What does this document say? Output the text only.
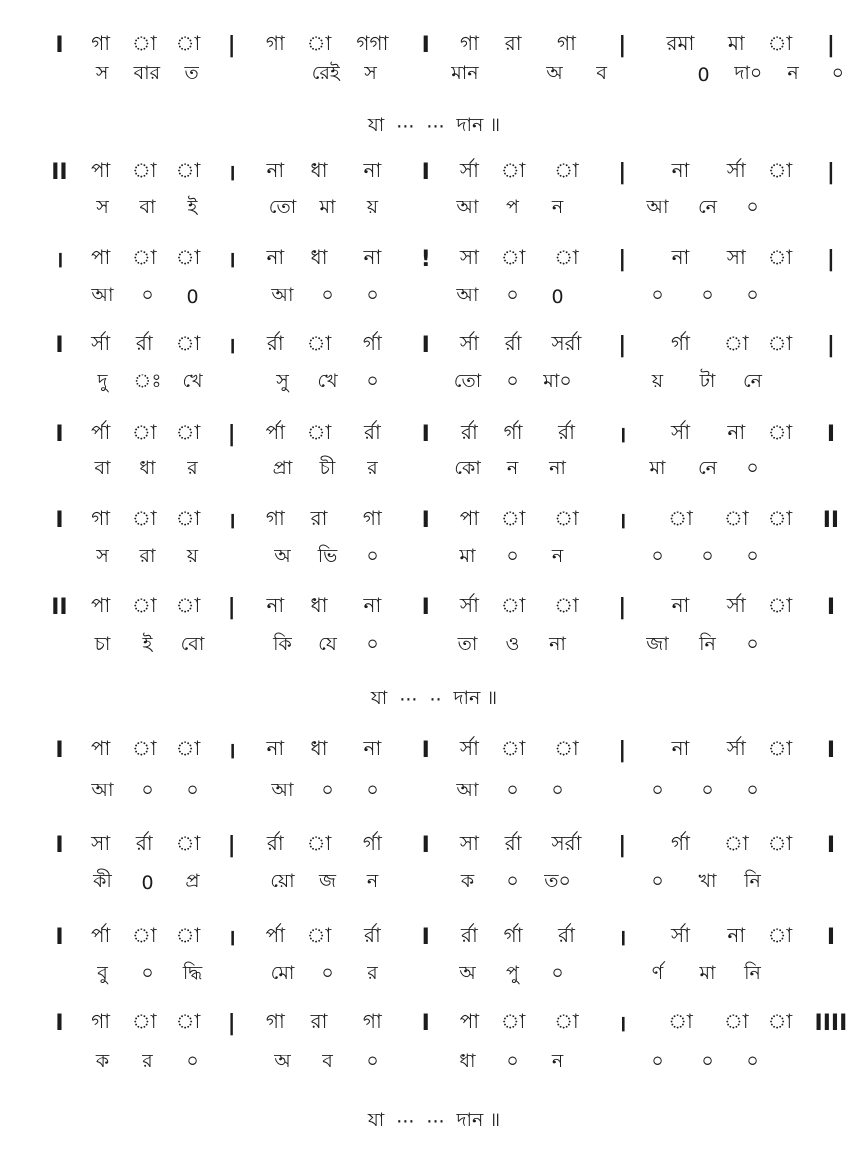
I	গা	া া	|	গা	া	গগা	I	গা	রা	গা	|	রমা	মা	া	|
স	বার	ত	রেই	স	মান	অ	ব	0	দা০	ন	০
II	পা	া া	।	না	ধা	না	I	র্সা	া	া	|	না	র্সা	া	|
স	বা	ই	তো	মা	য়	আ	প	ন	আ	নে	০
।	পা	া া	।	না	ধা	না	!	সা	া	া	|	না	সা	া	|
আ	০	0	আ	০	০	আ	০	0	০	০	০
I	র্সা	র্রা	া	।	র্রা	া	র্গা	I	র্সা	র্রা	সর্রা	|	র্গা	া া	|
দু	ঃ	খে	সু	খে	০	তো	০	মা০	য়	টা	নে
I	র্পা	া া	|	র্পা	া	র্রা	I	র্রা	র্গা	র্রা	।	র্সা	না	া	I
বা	ধা	র	প্রা	চী	র	কো	ন	না	মা	নে	০
I	গা	া া	।	গা	রা	গা	I	পা	া	া	।	া	া া	II
স	রা	য়	অ	ভি	০	মা	০	ন	০	০	০
II	পা	া া	|	না	ধা	না	I	র্সা	া	া	|	না	র্সা	া	I
চা	ই	বো	কি	যে	০	তা	ও	না	জা	নি	০
I	পা	া া	।	না	ধা	না	I	র্সা	া	া	|	না	র্সা	া	I
আ	০	০	আ	০	০	আ	০	০	০	০	০
I	সা	র্রা	া	|	র্রা	া	র্গা	I	সা	র্রা	সর্রা	|	র্গা	া া	I
কী	0	প্র	য়ো	জ	ন	ক	০	ত০	০	খা	নি
I	র্পা	া া	।	র্পা	া	র্রা	I	র্রা	র্গা	র্রা	।	র্সা	না	া	I
বু	০	দ্ধি	মো	০	র	অ	পু	০	র্ণ	মা	নি
I	গা	া া	|	গা	রা	গা	I	পা	া	া	।	া	া া	IIII
ক	র	০	অ	ব	০	ধা	০	ন	০	০	০
যা ··· ··· দান ॥
যা ··· ·· দান ॥
যা ··· ··· দান ॥
